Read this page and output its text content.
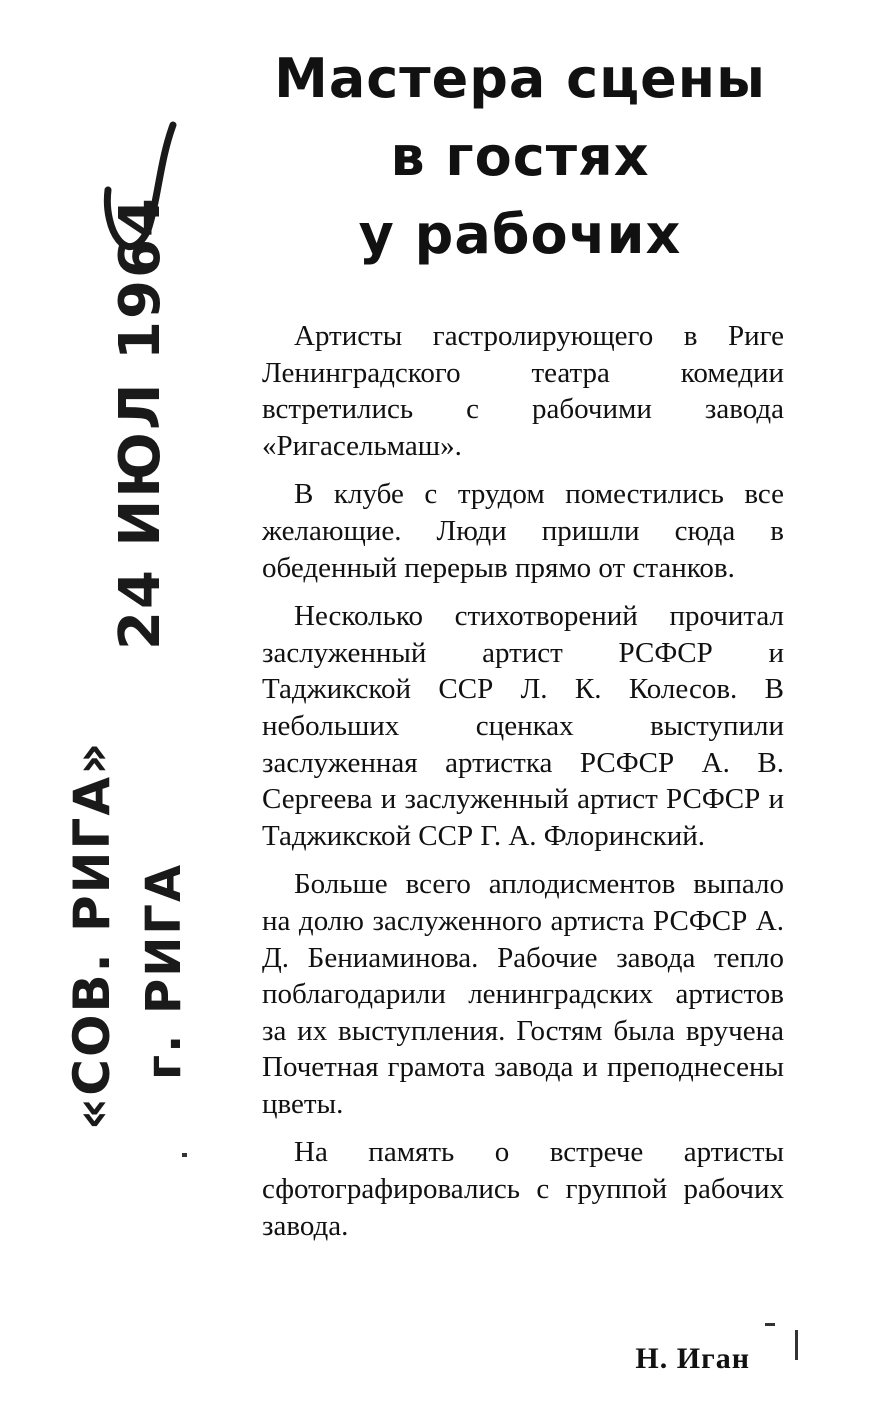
24 ИЮЛ 1964
«СОВ. РИГА» г. РИГА
Мастера сцены
в гостях
у рабочих

Артисты гастролирующего в Риге Ленинградского театра комедии встретились с рабочими завода «Ригасельмаш».

В клубе с трудом поместились все желающие. Люди пришли сюда в обеденный перерыв прямо от станков.

Несколько стихотворений прочитал заслуженный артист РСФСР и Таджикской ССР Л. К. Колесов. В небольших сценках выступили заслуженная артистка РСФСР А. В. Сергеева и заслуженный артист РСФСР и Таджикской ССР Г. А. Флоринский.

Больше всего аплодисментов выпало на долю заслуженного артиста РСФСР А. Д. Бениаминова. Рабочие завода тепло поблагодарили ленинградских артистов за их выступления. Гостям была вручена Почетная грамота завода и преподнесены цветы.

На память о встрече артисты сфотографировались с группой рабочих завода.

Н. Иган
